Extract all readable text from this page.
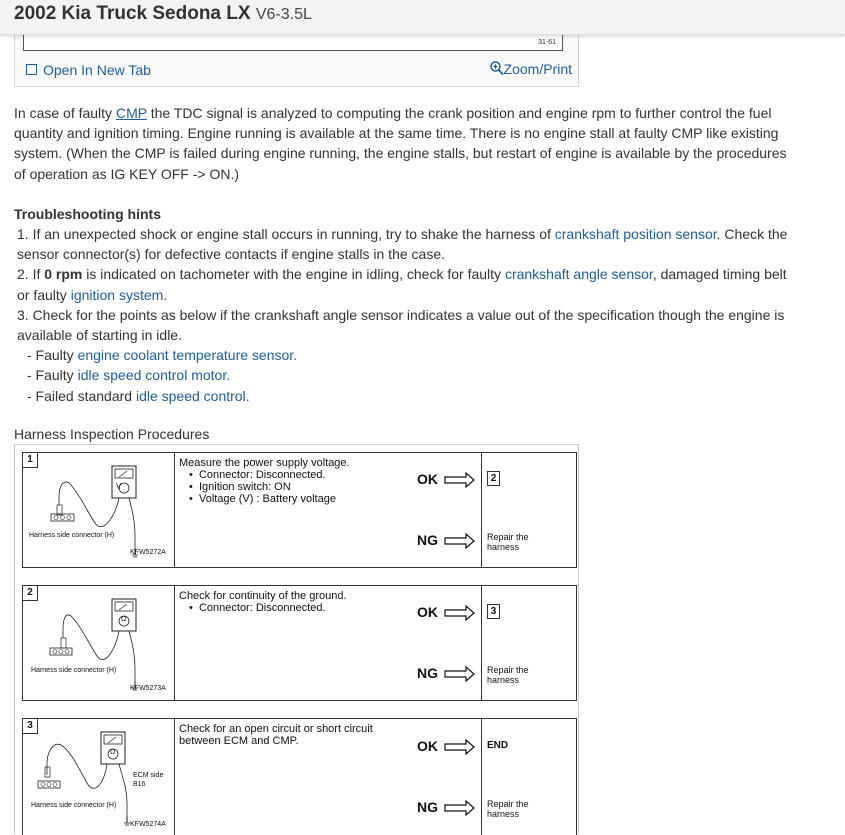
2002 Kia Truck Sedona LX V6-3.5L
31-61
Open In New Tab	Zoom/Print

In case of faulty CMP the TDC signal is analyzed to computing the crank position and engine rpm to further control the fuel quantity and ignition timing. Engine running is available at the same time. There is no engine stall at faulty CMP like existing system. (When the CMP is failed during engine running, the engine stalls, but restart of engine is available by the procedures of operation as IG KEY OFF -> ON.)

Troubleshooting hints

1. If an unexpected shock or engine stall occurs in running, try to shake the harness of crankshaft position sensor. Check the sensor connector(s) for defective contacts if engine stalls in the case.

2. If 0 rpm is indicated on tachometer with the engine in idling, check for faulty crankshaft angle sensor, damaged timing belt or faulty ignition system.

3. Check for the points as below if the crankshaft angle sensor indicates a value out of the specification though the engine is available of starting in idle.

- Faulty engine coolant temperature sensor.

- Faulty idle speed control motor.

- Failed standard idle speed control.

Harness Inspection Procedures
1
V
Harness side connector (H)
KFW5272A
Measure the power supply voltage.
•  Connector: Disconnected.
•  Ignition switch: ON
•  Voltage (V) : Battery voltage
OK	2
NG	Repair the
harness
2
Ω
Harness side connector (H)
KFW5273A
Check for continuity of the ground.
•  Connector: Disconnected.	OK	3
NG	Repair the
harness
3
Ω
ECM side
B16
Harness side connector (H)
KFW5274A
Check for an open circuit or short circuit
between ECM and CMP.	OK	END
NG	Repair the
harness
